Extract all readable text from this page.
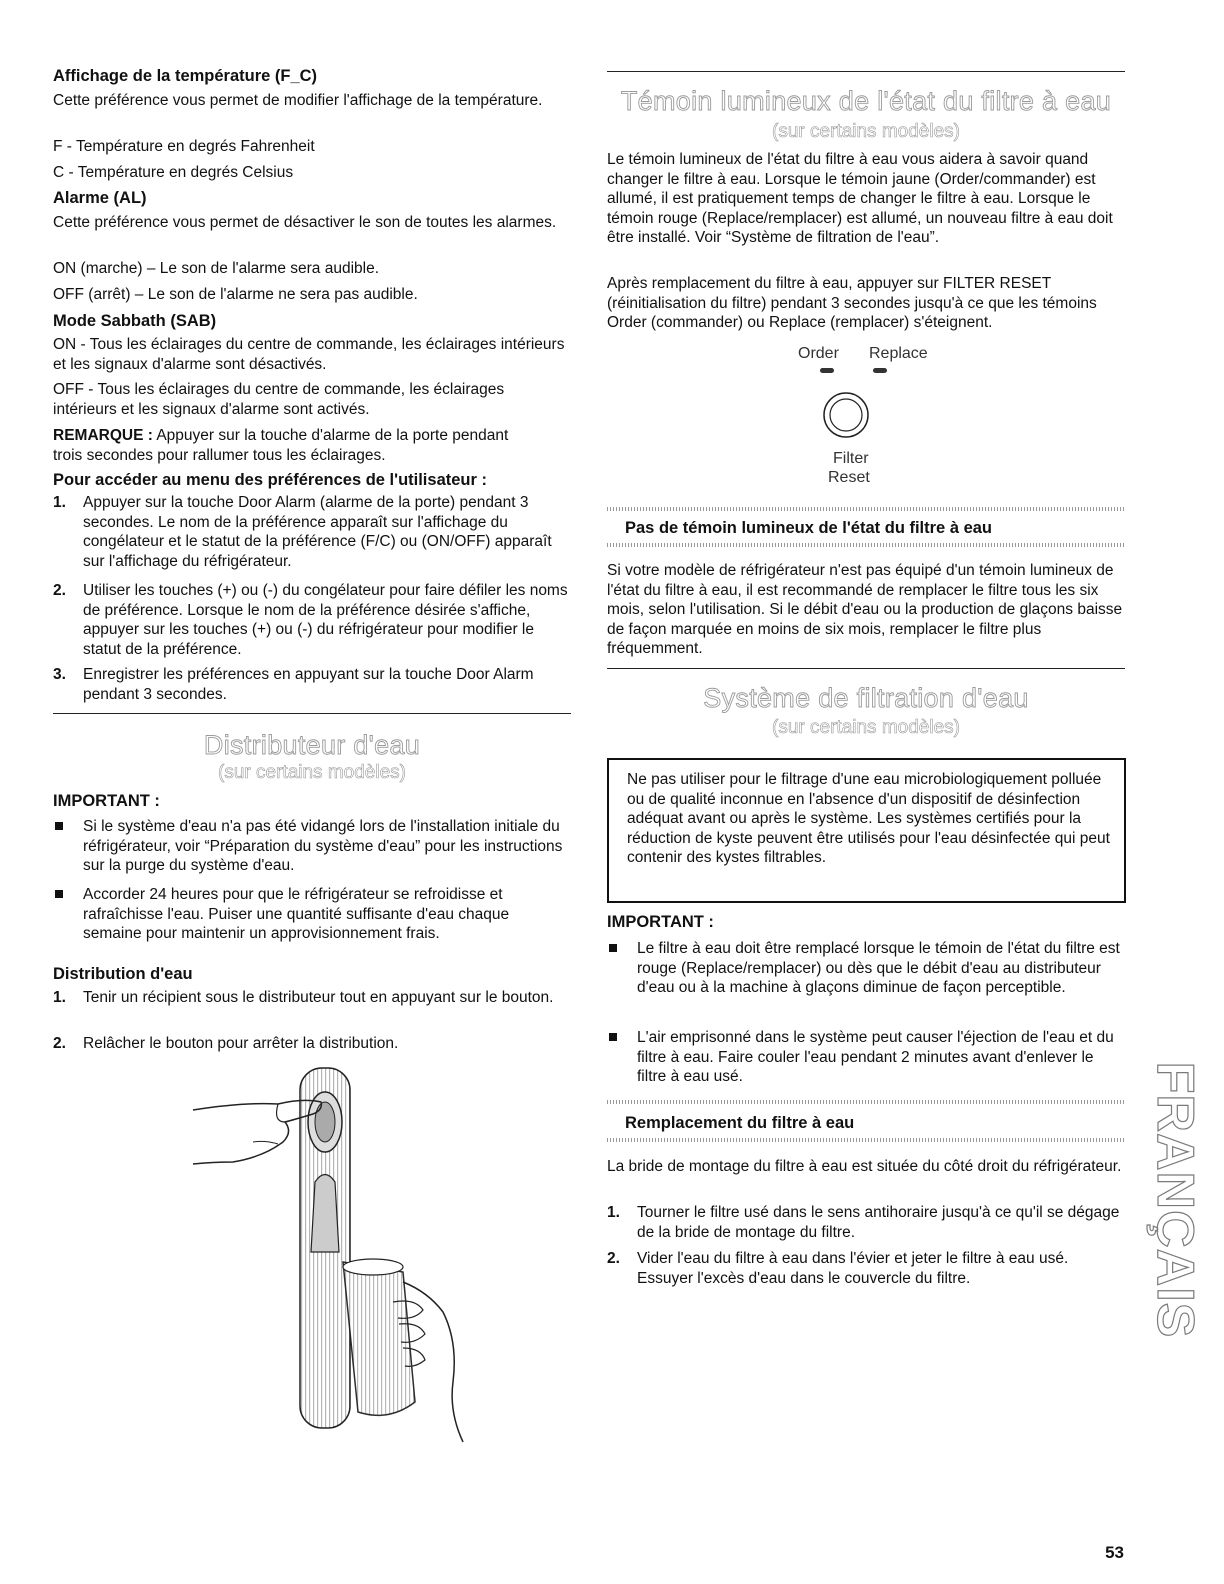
Affichage de la température (F_C)

Cette préférence vous permet de modifier l'affichage de la température.

F - Température en degrés Fahrenheit

C - Température en degrés Celsius

Alarme (AL)

Cette préférence vous permet de désactiver le son de toutes les alarmes.

ON (marche) – Le son de l'alarme sera audible.

OFF (arrêt) – Le son de l'alarme ne sera pas audible.

Mode Sabbath (SAB)

ON - Tous les éclairages du centre de commande, les éclairages intérieurs et les signaux d'alarme sont désactivés.

OFF - Tous les éclairages du centre de commande, les éclairages intérieurs et les signaux d'alarme sont activés.

REMARQUE : Appuyer sur la touche d'alarme de la porte pendant trois secondes pour rallumer tous les éclairages.

Pour accéder au menu des préférences de l'utilisateur :

1. Appuyer sur la touche Door Alarm (alarme de la porte) pendant 3 secondes. Le nom de la préférence apparaît sur l'affichage du congélateur et le statut de la préférence (F/C) ou (ON/OFF) apparaît sur l'affichage du réfrigérateur.
2. Utiliser les touches (+) ou (-) du congélateur pour faire défiler les noms de préférence. Lorsque le nom de la préférence désirée s'affiche, appuyer sur les touches (+) ou (-) du réfrigérateur pour modifier le statut de la préférence.
3. Enregistrer les préférences en appuyant sur la touche Door Alarm pendant 3 secondes.
Distributeur d'eau
(sur certains modèles)

IMPORTANT :

Si le système d'eau n'a pas été vidangé lors de l'installation initiale du réfrigérateur, voir “Préparation du système d'eau” pour les instructions sur la purge du système d'eau.
Accorder 24 heures pour que le réfrigérateur se refroidisse et rafraîchisse l'eau. Puiser une quantité suffisante d'eau chaque semaine pour maintenir un approvisionnement frais.

Distribution d'eau

1. Tenir un récipient sous le distributeur tout en appuyant sur le bouton.
2. Relâcher le bouton pour arrêter la distribution.
Témoin lumineux de l'état du filtre à eau
(sur certains modèles)

Le témoin lumineux de l'état du filtre à eau vous aidera à savoir quand changer le filtre à eau. Lorsque le témoin jaune (Order/commander) est allumé, il est pratiquement temps de changer le filtre à eau. Lorsque le témoin rouge (Replace/remplacer) est allumé, un nouveau filtre à eau doit être installé. Voir “Système de filtration de l'eau”.

Après remplacement du filtre à eau, appuyer sur FILTER RESET (réinitialisation du filtre) pendant 3 secondes jusqu'à ce que les témoins Order (commander) ou Replace (remplacer) s'éteignent.

Order Replace
Filter
Reset

Pas de témoin lumineux de l'état du filtre à eau

Si votre modèle de réfrigérateur n'est pas équipé d'un témoin lumineux de l'état du filtre à eau, il est recommandé de remplacer le filtre tous les six mois, selon l'utilisation. Si le débit d'eau ou la production de glaçons baisse de façon marquée en moins de six mois, remplacer le filtre plus fréquemment.

Système de filtration d'eau
(sur certains modèles)
Ne pas utiliser pour le filtrage d'une eau microbiologiquement polluée ou de qualité inconnue en l'absence d'un dispositif de désinfection adéquat avant ou après le système. Les systèmes certifiés pour la réduction de kyste peuvent être utilisés pour l'eau désinfectée qui peut contenir des kystes filtrables.

IMPORTANT :

Le filtre à eau doit être remplacé lorsque le témoin de l'état du filtre est rouge (Replace/remplacer) ou dès que le débit d'eau au distributeur d'eau ou à la machine à glaçons diminue de façon perceptible.
L'air emprisonné dans le système peut causer l'éjection de l'eau et du filtre à eau. Faire couler l'eau pendant 2 minutes avant d'enlever le filtre à eau usé.

Remplacement du filtre à eau

La bride de montage du filtre à eau est située du côté droit du réfrigérateur.

1. Tourner le filtre usé dans le sens antihoraire jusqu'à ce qu'il se dégage de la bride de montage du filtre.
2. Vider l'eau du filtre à eau dans l'évier et jeter le filtre à eau usé. Essuyer l'excès d'eau dans le couvercle du filtre.	FRANÇAIS
53
